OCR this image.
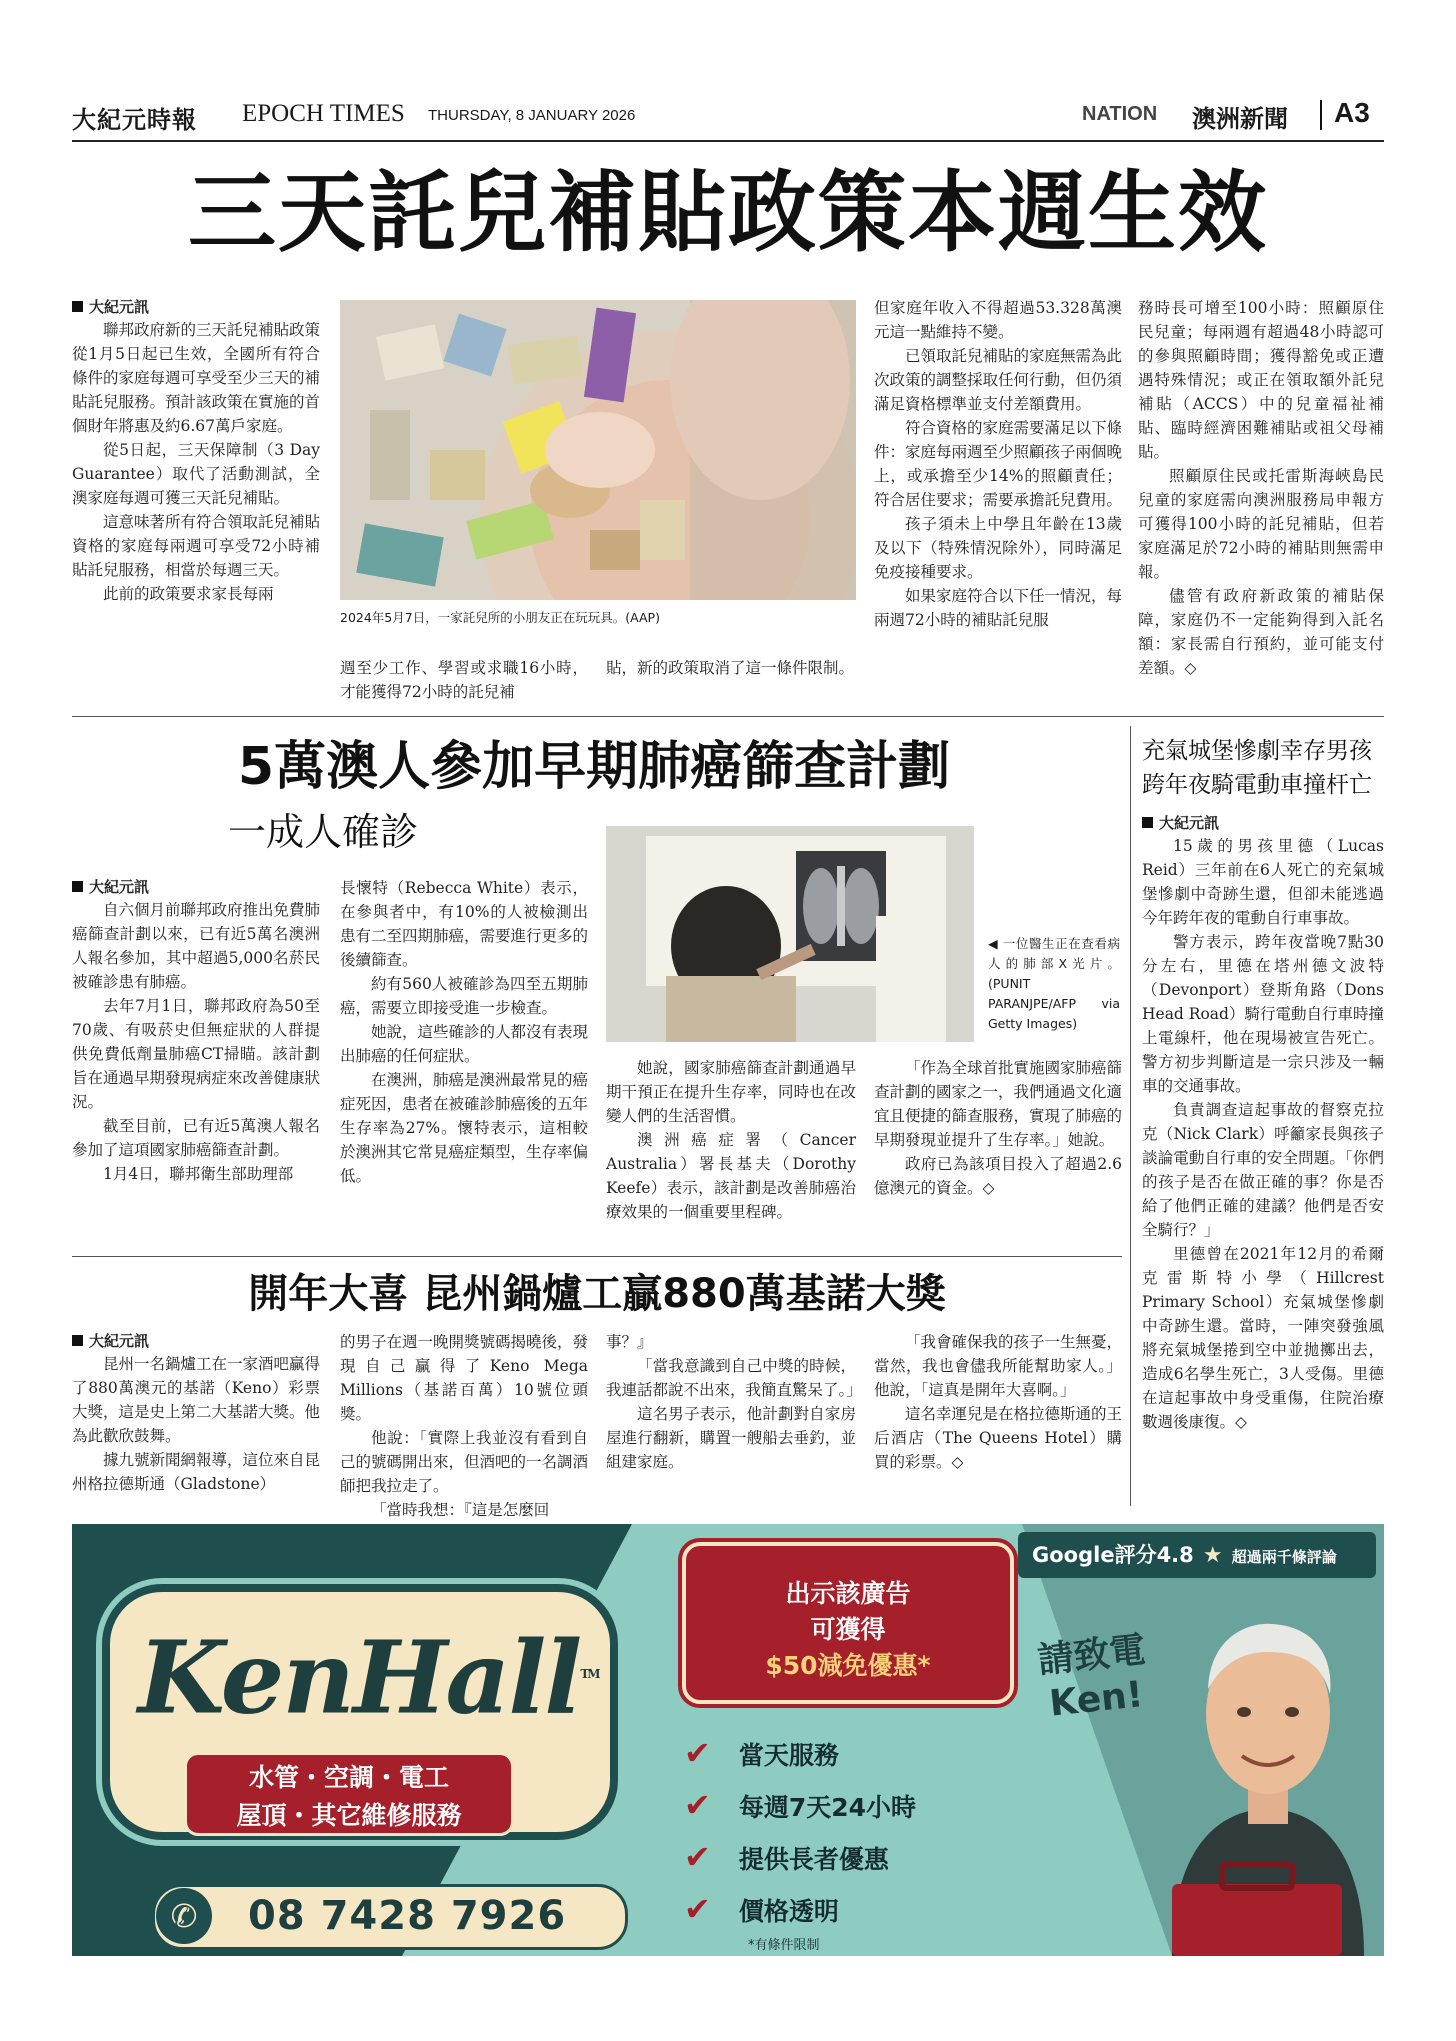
大紀元時報 EPOCH TIMES THURSDAY, 8 JANUARY 2026	NATION 澳洲新聞 A3
三天託兒補貼政策本週生效
大紀元訊

聯邦政府新的三天託兒補貼政策從1月5日起已生效，全國所有符合條件的家庭每週可享受至少三天的補貼託兒服務。預計該政策在實施的首個財年將惠及約6.67萬戶家庭。

從5日起，三天保障制（3 Day Guarantee）取代了活動測試，全澳家庭每週可獲三天託兒補貼。

這意味著所有符合領取託兒補貼資格的家庭每兩週可享受72小時補貼託兒服務，相當於每週三天。

此前的政策要求家長每兩

2024年5月7日，一家託兒所的小朋友正在玩玩具。(AAP)
週至少工作、學習或求職16小時，才能獲得72小時的託兒補
貼，新的政策取消了這一條件限制。
但家庭年收入不得超過53.328萬澳元這一點維持不變。

已領取託兒補貼的家庭無需為此次政策的調整採取任何行動，但仍須滿足資格標準並支付差額費用。

符合資格的家庭需要滿足以下條件：家庭每兩週至少照顧孩子兩個晚上，或承擔至少14%的照顧責任；符合居住要求；需要承擔託兒費用。

孩子須未上中學且年齡在13歲及以下（特殊情況除外），同時滿足免疫接種要求。

如果家庭符合以下任一情況，每兩週72小時的補貼託兒服

務時長可增至100小時：照顧原住民兒童；每兩週有超過48小時認可的參與照顧時間；獲得豁免或正遭遇特殊情況；或正在領取額外託兒補貼（ACCS）中的兒童福祉補貼、臨時經濟困難補貼或祖父母補貼。

照顧原住民或托雷斯海峽島民兒童的家庭需向澳洲服務局申報方可獲得100小時的託兒補貼，但若家庭滿足於72小時的補貼則無需申報。

儘管有政府新政策的補貼保障，家庭仍不一定能夠得到入託名額：家長需自行預約，並可能支付差額。◇

5萬澳人參加早期肺癌篩查計劃
一成人確診
◀ 一位醫生正在查看病人的肺部X光片。(PUNIT PARANJPE/AFP via Getty Images)
大紀元訊

自六個月前聯邦政府推出免費肺癌篩查計劃以來，已有近5萬名澳洲人報名參加，其中超過5,000名菸民被確診患有肺癌。

去年7月1日，聯邦政府為50至70歲、有吸菸史但無症狀的人群提供免費低劑量肺癌CT掃瞄。該計劃旨在通過早期發現病症來改善健康狀況。

截至目前，已有近5萬澳人報名參加了這項國家肺癌篩查計劃。

1月4日，聯邦衛生部助理部

長懷特（Rebecca White）表示，在參與者中，有10%的人被檢測出患有二至四期肺癌，需要進行更多的後續篩查。

約有560人被確診為四至五期肺癌，需要立即接受進一步檢查。

她說，這些確診的人都沒有表現出肺癌的任何症狀。

在澳洲，肺癌是澳洲最常見的癌症死因，患者在被確診肺癌後的五年生存率為27%。懷特表示，這相較於澳洲其它常見癌症類型，生存率偏低。

她說，國家肺癌篩查計劃通過早期干預正在提升生存率，同時也在改變人們的生活習慣。

澳洲癌症署（Cancer Australia）署長基夫（Dorothy Keefe）表示，該計劃是改善肺癌治療效果的一個重要里程碑。

「作為全球首批實施國家肺癌篩查計劃的國家之一，我們通過文化適宜且便捷的篩查服務，實現了肺癌的早期發現並提升了生存率。」她說。

政府已為該項目投入了超過2.6億澳元的資金。◇

開年大喜 昆州鍋爐工贏880萬基諾大獎
大紀元訊

昆州一名鍋爐工在一家酒吧贏得了880萬澳元的基諾（Keno）彩票大獎，這是史上第二大基諾大獎。他為此歡欣鼓舞。

據九號新聞網報導，這位來自昆州格拉德斯通（Gladstone）

的男子在週一晚開獎號碼揭曉後，發現自己贏得了Keno Mega Millions（基諾百萬）10號位頭獎。

他說：「實際上我並沒有看到自己的號碼開出來，但酒吧的一名調酒師把我拉走了。

「當時我想：『這是怎麼回

事？』

「當我意識到自己中獎的時候，我連話都說不出來，我簡直驚呆了。」

這名男子表示，他計劃對自家房屋進行翻新，購置一艘船去垂釣，並組建家庭。

「我會確保我的孩子一生無憂，當然，我也會儘我所能幫助家人。」他說，「這真是開年大喜啊。」

這名幸運兒是在格拉德斯通的王后酒店（The Queens Hotel）購買的彩票。◇

充氣城堡慘劇幸存男孩
跨年夜騎電動車撞杆亡
大紀元訊

15歲的男孩里德（Lucas Reid）三年前在6人死亡的充氣城堡慘劇中奇跡生還，但卻未能逃過今年跨年夜的電動自行車事故。

警方表示，跨年夜當晚7點30分左右，里德在塔州德文波特（Devonport）登斯角路（Dons Head Road）騎行電動自行車時撞上電線杆，他在現場被宣告死亡。警方初步判斷這是一宗只涉及一輛車的交通事故。

負責調查這起事故的督察克拉克（Nick Clark）呼籲家長與孩子談論電動自行車的安全問題。「你們的孩子是否在做正確的事？你是否給了他們正確的建議？他們是否安全騎行？」

里德曾在2021年12月的希爾克雷斯特小學（Hillcrest Primary School）充氣城堡慘劇中奇跡生還。當時，一陣突發強風將充氣城堡捲到空中並拋擲出去，造成6名學生死亡，3人受傷。里德在這起事故中身受重傷，住院治療數週後康復。◇

KenHall™
水管・空調・電工
屋頂・其它維修服務
✆	08 7428 7926
出示該廣告
可獲得
$50減免優惠*
✔ 當天服務
✔ 每週7天24小時
✔ 提供長者優惠
✔ 價格透明
*有條件限制
Google評分4.8 ★ 超過兩千條評論
請致電
Ken!
